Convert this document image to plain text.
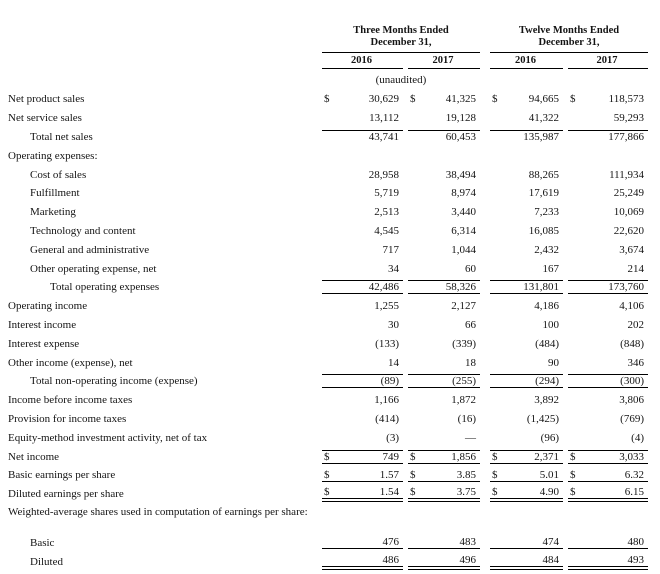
Three Months Ended
December 31,
Twelve Months Ended
December 31,
2016	2017	2016	2017
(unaudited)
Net product sales	$	30,629 $	41,325 $	94,665 $	118,573
Net service sales	13,112	19,128	41,322	59,293
Total net sales	43,741	60,453	135,987	177,866
Operating expenses:
Cost of sales	28,958	38,494	88,265	111,934
Fulfillment	5,719	8,974	17,619	25,249
Marketing	2,513	3,440	7,233	10,069
Technology and content	4,545	6,314	16,085	22,620
General and administrative	717	1,044	2,432	3,674
Other operating expense, net	34	60	167	214
Total operating expenses	42,486	58,326	131,801	173,760
Operating income	1,255	2,127	4,186	4,106
Interest income	30	66	100	202
Interest expense	(133)	(339)	(484)	(848)
Other income (expense), net	14	18	90	346
Total non-operating income (expense)	(89)	(255)	(294)	(300)
Income before income taxes	1,166	1,872	3,892	3,806
Provision for income taxes	(414)	(16)	(1,425)	(769)
Equity-method investment activity, net of tax	(3)	—	(96)	(4)
Net income	$	749 $	1,856 $	2,371 $	3,033
Basic earnings per share	$	1.57 $	3.85 $	5.01 $	6.32
Diluted earnings per share	$	1.54 $	3.75 $	4.90 $	6.15
Weighted-average shares used in computation of earnings per share:
Basic	476	483	474	480
Diluted	486	496	484	493
